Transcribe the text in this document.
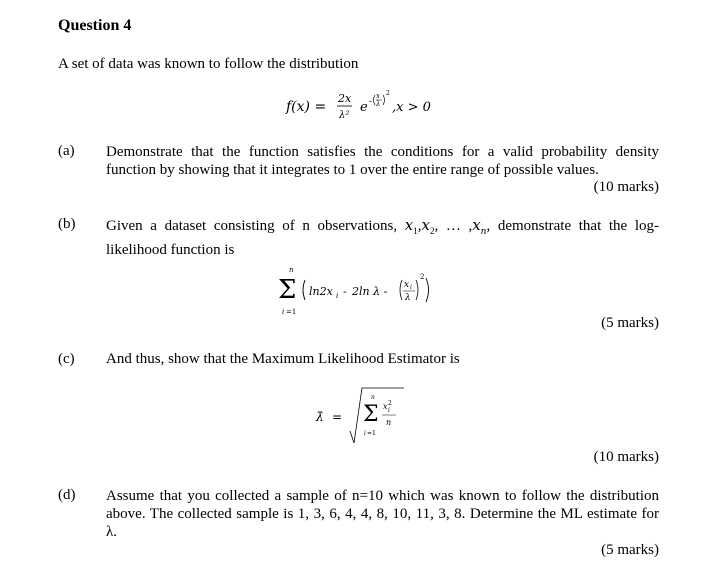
Question 4
A set of data was known to follow the distribution
f(x) =
2x
λ²
e -
x
λ
2
,x > 0
(a) Demonstrate that the function satisfies the conditions for a valid probability density function by showing that it integrates to 1 over the entire range of possible values.
(10 marks)
(b) Given a dataset consisting of n observations, $x_1,x_2$, … $,x_n$, demonstrate that the log-likelihood function is
n
Σ
i =1
ln2x i - 2ln λ - x i
λ
2
(5 marks)
(c) And thus, show that the Maximum Likelihood Estimator is
λ̂ =
n
Σ
i =1
x i
2
n
(10 marks)
(d) Assume that you collected a sample of n=10 which was known to follow the distribution above. The collected sample is 1, 3, 6, 4, 4, 8, 10, 11, 3, 8. Determine the ML estimate for λ.
(5 marks)
